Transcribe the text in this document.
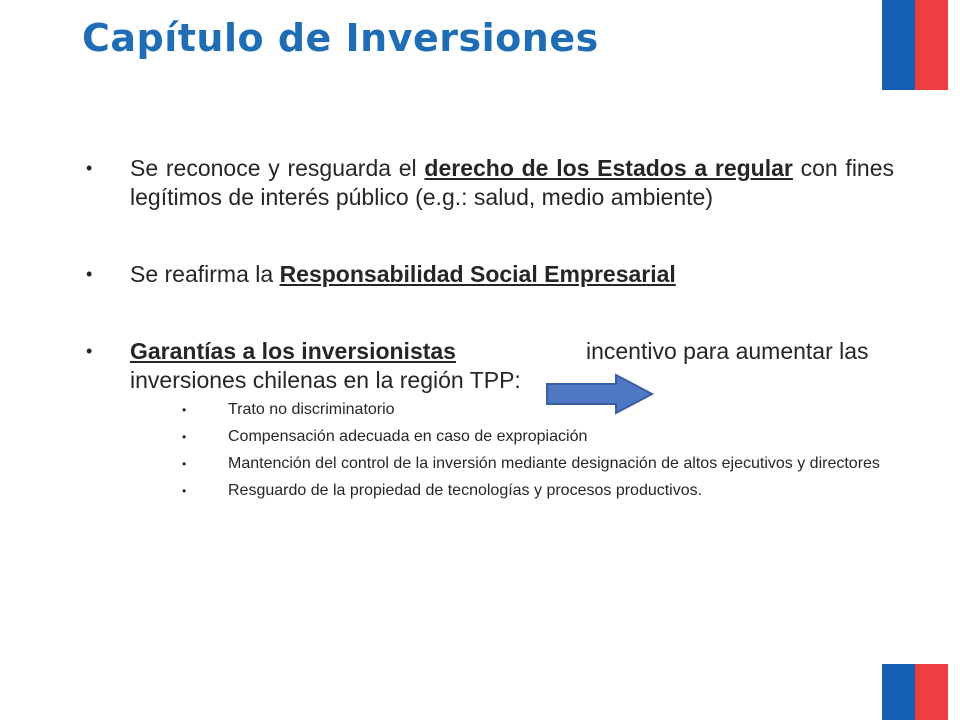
Capítulo de Inversiones

• Se reconoce y resguarda el derecho de los Estados a regular con fines legítimos de interés público (e.g.: salud, medio ambiente)

• Se reafirma la Responsabilidad Social Empresarial

• Garantías a los inversionistas	incentivo para aumentar las inversiones chilenas en la región TPP:

•	Trato no discriminatorio
•	Compensación adecuada en caso de expropiación
•	Mantención del control de la inversión mediante designación de altos ejecutivos y directores
•	Resguardo de la propiedad de tecnologías y procesos productivos.
